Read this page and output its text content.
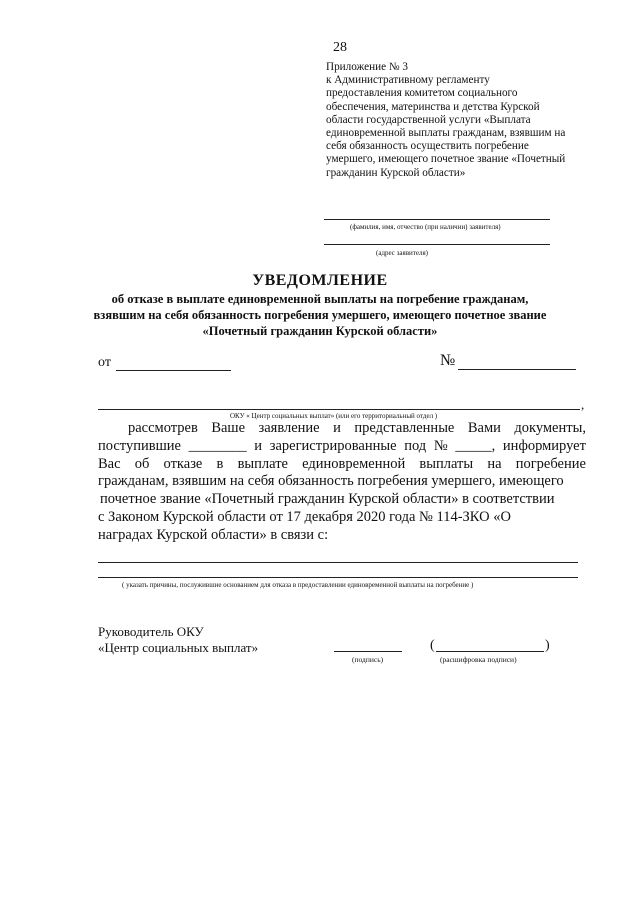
28
Приложение № 3
к Административному регламенту
предоставления комитетом социального
обеспечения, материнства и детства Курской
области государственной услуги «Выплата
единовременной выплаты гражданам, взявшим на
себя обязанность осуществить погребение
умершего, имеющего почетное звание «Почетный
гражданин Курской области»
(фамилия, имя, отчество (при наличии) заявителя)
(адрес заявителя)
УВЕДОМЛЕНИЕ
об отказе в выплате единовременной выплаты на погребение гражданам,
взявшим на себя обязанность погребения умершего, имеющего почетное звание
«Почетный гражданин Курской области»
от	№
,
ОКУ « Центр социальных выплат» (или его территориальный отдел )
рассмотрев Ваше заявление и представленные Вами документы,
поступившие ________ и зарегистрированные под № _____, информирует
Вас об отказе в выплате единовременной выплаты на погребение
гражданам, взявшим на себя обязанность погребения умершего, имеющего
почетное звание «Почетный гражданин Курской области» в соответствии
с Законом Курской области от 17 декабря 2020 года № 114-ЗКО «О
наградах Курской области» в связи с:
( указать причины, послужившие основанием для отказа в предоставлении единовременной выплаты на погребение )
Руководитель ОКУ
«Центр социальных выплат»
(подпись)
(	)
(расшифровка подписи)
